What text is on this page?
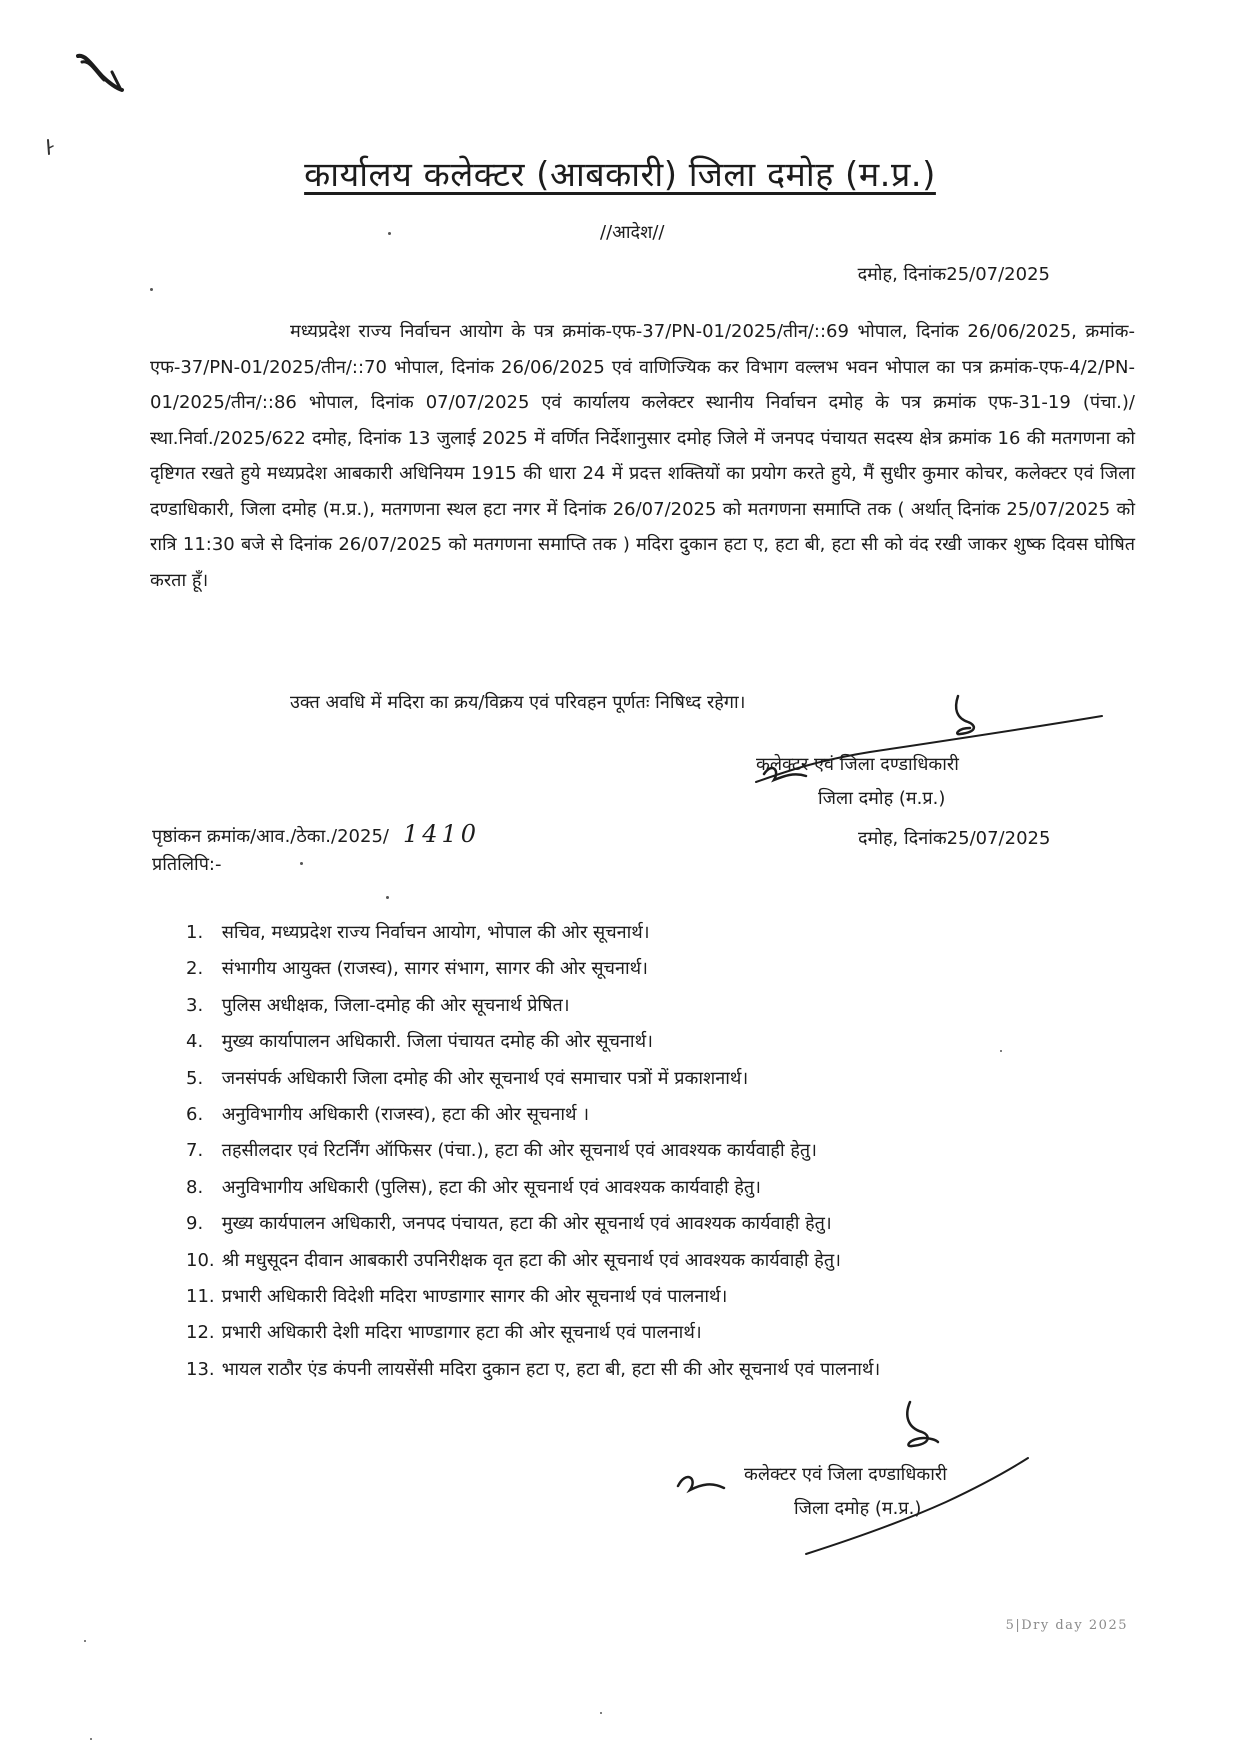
कार्यालय कलेक्टर (आबकारी) जिला दमोह (म.प्र.)
//आदेश//
दमोह, दिनांक25/07/2025

मध्यप्रदेश राज्य निर्वाचन आयोग के पत्र क्रमांक-एफ-37/PN-01/2025/तीन/::69 भोपाल, दिनांक 26/06/2025, क्रमांक-एफ-37/PN-01/2025/तीन/::70 भोपाल, दिनांक 26/06/2025 एवं वाणिज्यिक कर विभाग वल्लभ भवन भोपाल का पत्र क्रमांक-एफ-4/2/PN-01/2025/तीन/::86 भोपाल, दिनांक 07/07/2025 एवं कार्यालय कलेक्टर स्थानीय निर्वाचन दमोह के पत्र क्रमांक एफ-31-19 (पंचा.)/स्था.निर्वा./2025/622 दमोह, दिनांक 13 जुलाई 2025 में वर्णित निर्देशानुसार दमोह जिले में जनपद पंचायत सदस्य क्षेत्र क्रमांक 16 की मतगणना को दृष्टिगत रखते हुये मध्यप्रदेश आबकारी अधिनियम 1915 की धारा 24 में प्रदत्त शक्तियों का प्रयोग करते हुये, मैं सुधीर कुमार कोचर, कलेक्टर एवं जिला दण्डाधिकारी, जिला दमोह (म.प्र.), मतगणना स्थल हटा नगर में दिनांक 26/07/2025 को मतगणना समाप्ति तक ( अर्थात् दिनांक 25/07/2025 को रात्रि 11:30 बजे से दिनांक 26/07/2025 को मतगणना समाप्ति तक ) मदिरा दुकान हटा ए, हटा बी, हटा सी को वंद रखी जाकर शुष्क दिवस घोषित करता हूँ।

उक्त अवधि में मदिरा का क्रय/विक्रय एवं परिवहन पूर्णतः निषिध्द रहेगा।
कलेक्टर एवं जिला दण्डाधिकारी
जिला दमोह (म.प्र.)
पृष्ठांकन क्रमांक/आव./ठेका./2025/ 1410	दमोह, दिनांक25/07/2025
प्रतिलिपि:-
1. सचिव, मध्यप्रदेश राज्य निर्वाचन आयोग, भोपाल की ओर सूचनार्थ।
2. संभागीय आयुक्त (राजस्व), सागर संभाग, सागर की ओर सूचनार्थ।
3. पुलिस अधीक्षक, जिला-दमोह की ओर सूचनार्थ प्रेषित।
4. मुख्य कार्यापालन अधिकारी. जिला पंचायत दमोह की ओर सूचनार्थ।
5. जनसंपर्क अधिकारी जिला दमोह की ओर सूचनार्थ एवं समाचार पत्रों में प्रकाशनार्थ।
6. अनुविभागीय अधिकारी (राजस्व), हटा की ओर सूचनार्थ ।
7. तहसीलदार एवं रिटर्निंग ऑफिसर (पंचा.), हटा की ओर सूचनार्थ एवं आवश्यक कार्यवाही हेतु।
8. अनुविभागीय अधिकारी (पुलिस), हटा की ओर सूचनार्थ एवं आवश्यक कार्यवाही हेतु।
9. मुख्य कार्यपालन अधिकारी, जनपद पंचायत, हटा की ओर सूचनार्थ एवं आवश्यक कार्यवाही हेतु।
10. श्री मधुसूदन दीवान आबकारी उपनिरीक्षक वृत हटा की ओर सूचनार्थ एवं आवश्यक कार्यवाही हेतु।
11. प्रभारी अधिकारी विदेशी मदिरा भाण्डागार सागर की ओर सूचनार्थ एवं पालनार्थ।
12. प्रभारी अधिकारी देशी मदिरा भाण्डागार हटा की ओर सूचनार्थ एवं पालनार्थ।
13. भायल राठौर एंड कंपनी लायसेंसी मदिरा दुकान हटा ए, हटा बी, हटा सी की ओर सूचनार्थ एवं पालनार्थ।
कलेक्टर एवं जिला दण्डाधिकारी
जिला दमोह (म.प्र.)
5|Dry day 2025
